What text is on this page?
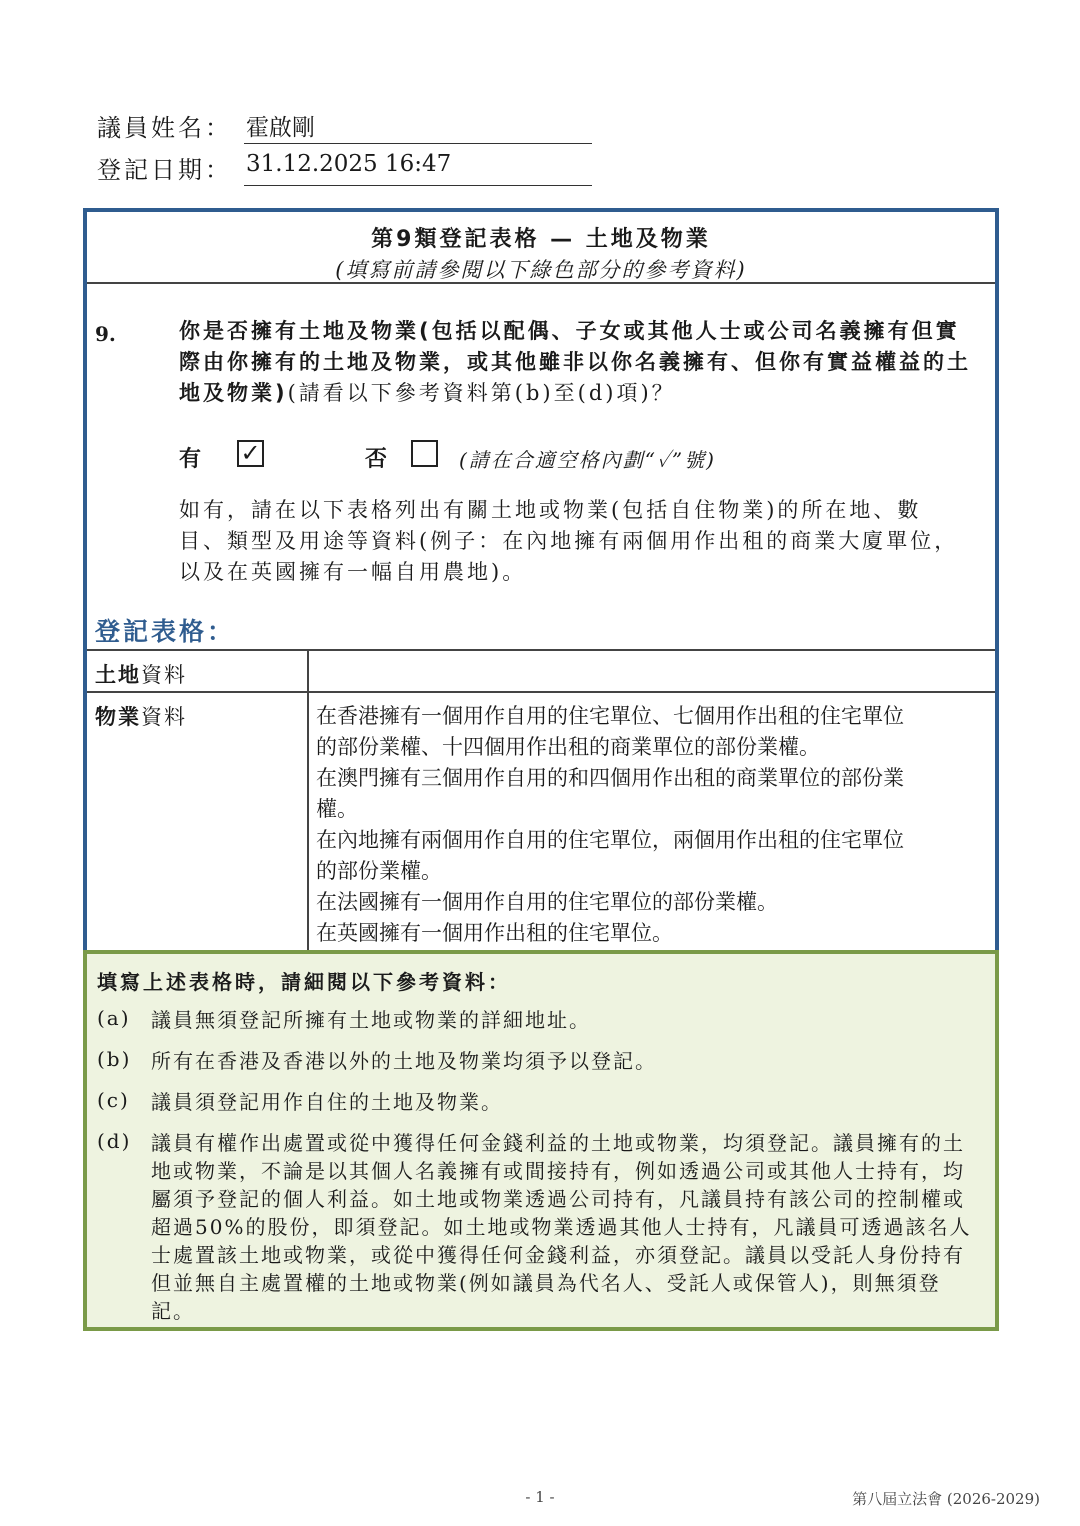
議員姓名： 霍啟剛
登記日期： 31.12.2025 16:47
第9類登記表格 — 土地及物業
(填寫前請參閱以下綠色部分的參考資料)
9.	你是否擁有土地及物業(包括以配偶、子女或其他人士或公司名義擁有但實際由你擁有的土地及物業，或其他雖非以你名義擁有、但你有實益權益的土地及物業)(請看以下參考資料第(b)至(d)項)？
有 ✓	否	(請在合適空格內劃“✓”號)
如有，請在以下表格列出有關土地或物業(包括自住物業)的所在地、數目、類型及用途等資料(例子：在內地擁有兩個用作出租的商業大廈單位，以及在英國擁有一幅自用農地)。
登記表格：
土地資料
物業資料	在香港擁有一個用作自用的住宅單位、七個用作出租的住宅單位
的部份業權、十四個用作出租的商業單位的部份業權。
在澳門擁有三個用作自用的和四個用作出租的商業單位的部份業
權。
在內地擁有兩個用作自用的住宅單位，兩個用作出租的住宅單位
的部份業權。
在法國擁有一個用作自用的住宅單位的部份業權。
在英國擁有一個用作出租的住宅單位。
填寫上述表格時，請細閱以下參考資料：
(a) 議員無須登記所擁有土地或物業的詳細地址。
(b) 所有在香港及香港以外的土地及物業均須予以登記。
(c) 議員須登記用作自住的土地及物業。
(d) 議員有權作出處置或從中獲得任何金錢利益的土地或物業，均須登記。議員擁有的土地或物業，不論是以其個人名義擁有或間接持有，例如透過公司或其他人士持有，均屬須予登記的個人利益。如土地或物業透過公司持有，凡議員持有該公司的控制權或超過50%的股份，即須登記。如土地或物業透過其他人士持有，凡議員可透過該名人士處置該土地或物業，或從中獲得任何金錢利益，亦須登記。議員以受託人身份持有但並無自主處置權的土地或物業(例如議員為代名人、受託人或保管人)，則無須登記。
- 1 -	第八屆立法會 (2026-2029)
